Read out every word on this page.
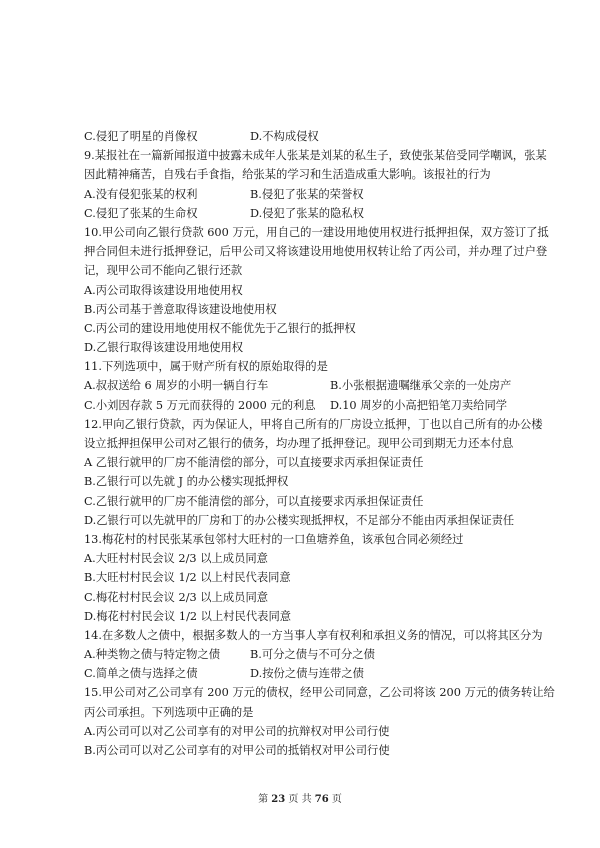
C.侵犯了明星的肖像权	D.不构成侵权
9.某报社在一篇新闻报道中披露未成年人张某是刘某的私生子，致使张某倍受同学嘲讽，张某
因此精神痛苦，自残右手食指，给张某的学习和生活造成重大影响。该报社的行为
A.没有侵犯张某的权利	B.侵犯了张某的荣誉权
C.侵犯了张某的生命权	D.侵犯了张某的隐私权
10.甲公司向乙银行贷款 600 万元，用自己的一建设用地使用权进行抵押担保，双方签订了抵
押合同但未进行抵押登记，后甲公司又将该建设用地使用权转让给了丙公司，并办理了过户登
记，现甲公司不能向乙银行还款
A.丙公司取得该建设用地使用权
B.丙公司基于善意取得该建设地使用权
C.丙公司的建设用地使用权不能优先于乙银行的抵押权
D.乙银行取得该建设用地使用权
11.下列选项中，属于财产所有权的原始取得的是
A.叔叔送给 6 周岁的小明一辆自行车	B.小张根据遗嘱继承父亲的一处房产
C.小刘因存款 5 万元而获得的 2000 元的利息 D.10 周岁的小高把铅笔刀卖给同学
12.甲向乙银行贷款，丙为保证人，甲将自己所有的厂房设立抵押，丁也以自己所有的办公楼
设立抵押担保甲公司对乙银行的债务，均办理了抵押登记。现甲公司到期无力还本付息
A 乙银行就甲的厂房不能清偿的部分，可以直接要求丙承担保证责任
B.乙银行可以先就 J 的办公楼实现抵押权
C.乙银行就甲的厂房不能清偿的部分，可以直接要求丙承担保证责任
D.乙银行可以先就甲的厂房和丁的办公楼实现抵押权，不足部分不能由丙承担保证责任
13.梅花村的村民张某承包邻村大旺村的一口鱼塘养鱼，该承包合同必须经过
A.大旺村村民会议 2/3 以上成员同意
B.大旺村村民会议 1/2 以上村民代表同意
C.梅花村村民会议 2/3 以上成员同意
D.梅花村村民会议 1/2 以上村民代表同意
14.在多数人之债中，根据多数人的一方当事人享有权利和承担义务的情况，可以将其区分为
A.种类物之债与特定物之债	B.可分之债与不可分之债
C.简单之债与选择之债	D.按份之债与连带之债
15.甲公司对乙公司享有 200 万元的债权，经甲公司同意，乙公司将该 200 万元的债务转让给
丙公司承担。下列选项中正确的是
A.丙公司可以对乙公司享有的对甲公司的抗辩权对甲公司行使
B.丙公司可以对乙公司享有的对甲公司的抵销权对甲公司行使
第 23 页 共 76 页
